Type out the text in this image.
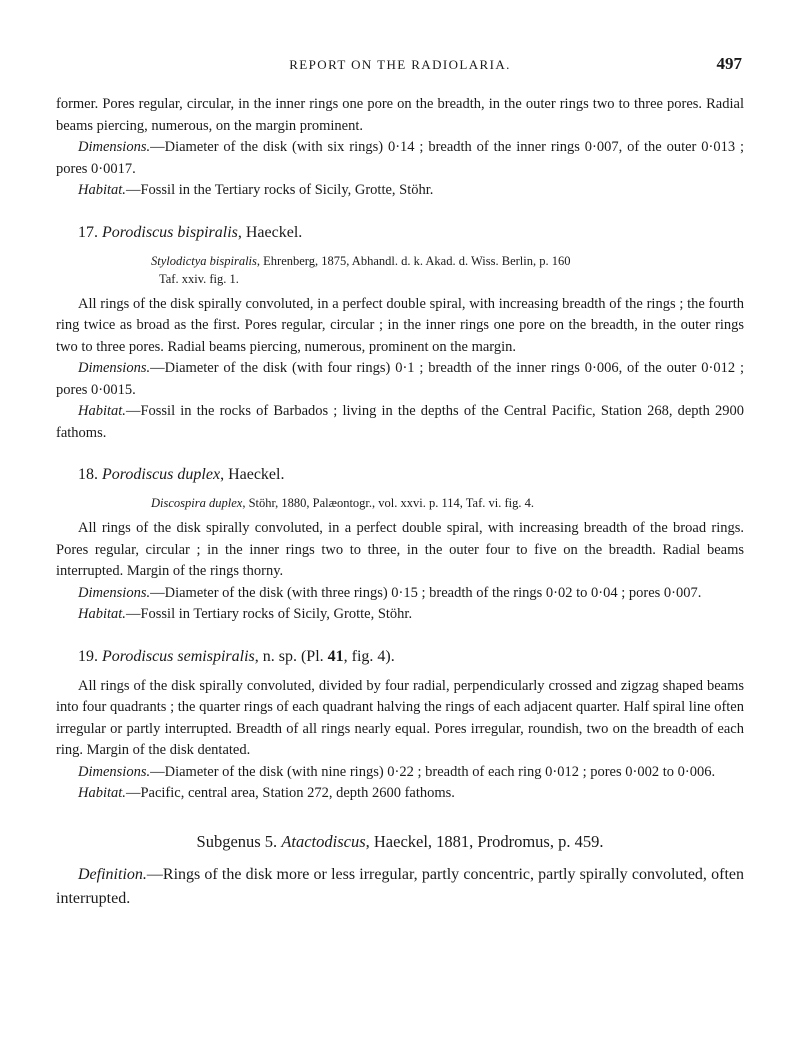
REPORT ON THE RADIOLARIA.	497

former. Pores regular, circular, in the inner rings one pore on the breadth, in the outer rings two to three pores. Radial beams piercing, numerous, on the margin prominent.

Dimensions.—Diameter of the disk (with six rings) 0·14 ; breadth of the inner rings 0·007, of the outer 0·013 ; pores 0·0017.

Habitat.—Fossil in the Tertiary rocks of Sicily, Grotte, Stöhr.

17. Porodiscus bispiralis, Haeckel.
Stylodictya bispiralis, Ehrenberg, 1875, Abhandl. d. k. Akad. d. Wiss. Berlin, p. 160
Taf. xxiv. fig. 1.

All rings of the disk spirally convoluted, in a perfect double spiral, with increasing breadth of the rings ; the fourth ring twice as broad as the first. Pores regular, circular ; in the inner rings one pore on the breadth, in the outer rings two to three pores. Radial beams piercing, numerous, prominent on the margin.

Dimensions.—Diameter of the disk (with four rings) 0·1 ; breadth of the inner rings 0·006, of the outer 0·012 ; pores 0·0015.

Habitat.—Fossil in the rocks of Barbados ; living in the depths of the Central Pacific, Station 268, depth 2900 fathoms.

18. Porodiscus duplex, Haeckel.
Discospira duplex, Stöhr, 1880, Palæontogr., vol. xxvi. p. 114, Taf. vi. fig. 4.

All rings of the disk spirally convoluted, in a perfect double spiral, with increasing breadth of the broad rings. Pores regular, circular ; in the inner rings two to three, in the outer four to five on the breadth. Radial beams interrupted. Margin of the rings thorny.

Dimensions.—Diameter of the disk (with three rings) 0·15 ; breadth of the rings 0·02 to 0·04 ; pores 0·007.

Habitat.—Fossil in Tertiary rocks of Sicily, Grotte, Stöhr.

19. Porodiscus semispiralis, n. sp. (Pl. 41, fig. 4).

All rings of the disk spirally convoluted, divided by four radial, perpendicularly crossed and zigzag shaped beams into four quadrants ; the quarter rings of each quadrant halving the rings of each adjacent quarter. Half spiral line often irregular or partly interrupted. Breadth of all rings nearly equal. Pores irregular, roundish, two on the breadth of each ring. Margin of the disk dentated.

Dimensions.—Diameter of the disk (with nine rings) 0·22 ; breadth of each ring 0·012 ; pores 0·002 to 0·006.

Habitat.—Pacific, central area, Station 272, depth 2600 fathoms.

Subgenus 5. Atactodiscus, Haeckel, 1881, Prodromus, p. 459.

Definition.—Rings of the disk more or less irregular, partly concentric, partly spirally convoluted, often interrupted.
